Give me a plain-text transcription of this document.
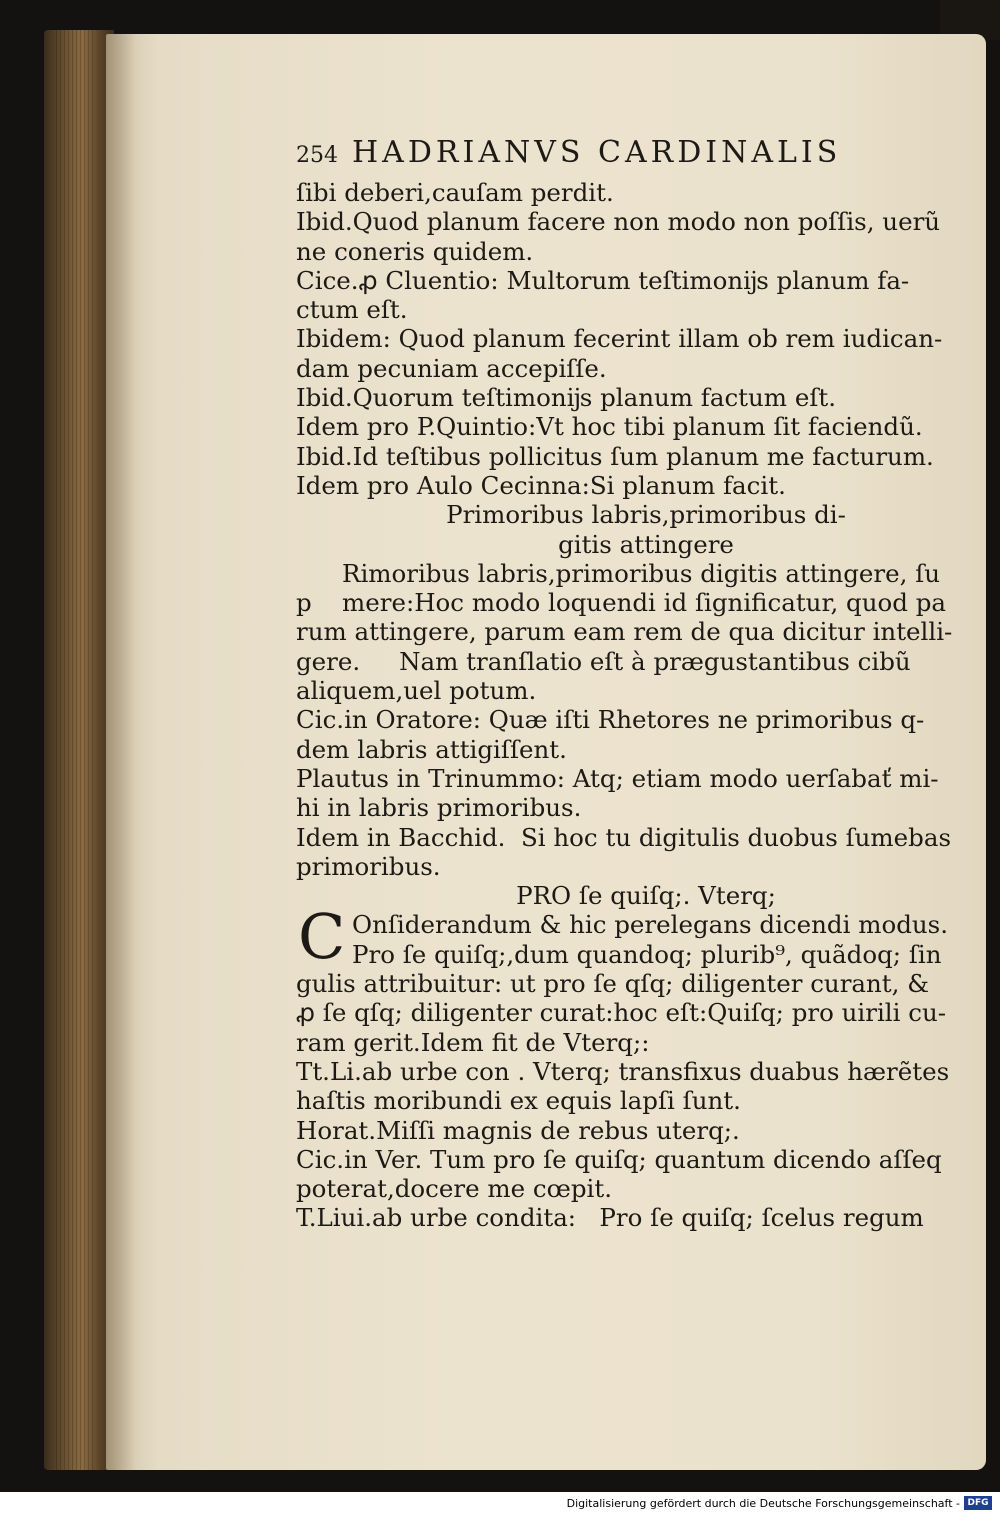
254 HADRIANVS CARDINALIS
ſibi deberi,cauſam perdit.
Ibid.Quod planum facere non modo non poſſis, uerũ
ne coneris quidem.
Cice.ꝓ Cluentio: Multorum teſtimonĳs planum fa-
ctum eſt.
Ibidem: Quod planum fecerint illam ob rem iudican-
dam pecuniam accepiſſe.
Ibid.Quorum teſtimonĳs planum factum eſt.
Idem pro P.Quintio:Vt hoc tibi planum ſit faciendũ.
Ibid.Id teſtibus pollicitus ſum planum me facturum.
Idem pro Aulo Cecinna:Si planum facit.
Primoribus labris,primoribus di-
gitis attingere
Rimoribus labris,primoribus digitis attingere, ſu
p mere:Hoc modo loquendi id ſignificatur, quod pa
rum attingere, parum eam rem de qua dicitur intelli-
gere.     Nam tranſlatio eſt à prægustantibus cibũ
aliquem,uel potum.
Cic.in Oratore: Quæ iſti Rhetores ne primoribus q-
dem labris attigiſſent.
Plautus in Trinummo: Atq; etiam modo uerſabať mi-
hi in labris primoribus.
Idem in Bacchid.  Si hoc tu digitulis duobus ſumebas
primoribus.
PRO ſe quiſq;. Vterq;
C Onſiderandum & hic perelegans dicendi modus.
Pro ſe quiſq;,dum quandoq; plurib⁹, quãdoq; ſin
gulis attribuitur: ut pro ſe qſq; diligenter curant, &
ꝓ ſe qſq; diligenter curat:hoc eſt:Quiſq; pro uirili cu-
ram gerit.Idem fit de Vterq;:
Tt.Li.ab urbe con . Vterq; transfixus duabus hærẽtes
haſtis moribundi ex equis lapſi ſunt.
Horat.Miſſi magnis de rebus uterq;.
Cic.in Ver. Tum pro ſe quiſq; quantum dicendo aſſeq
poterat,docere me cœpit.
T.Liui.ab urbe condita:   Pro ſe quiſq; ſcelus regum
Digitalisierung gefördert durch die Deutsche Forschungsgemeinschaft - DFG
